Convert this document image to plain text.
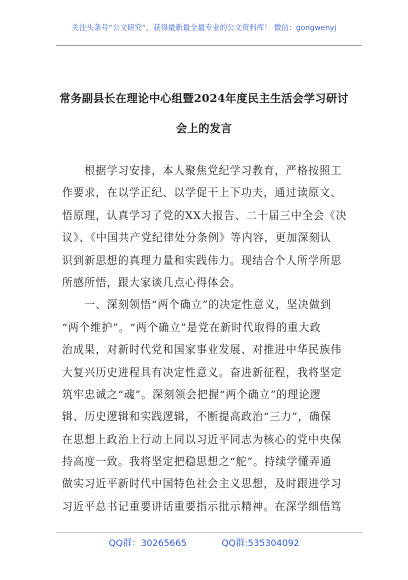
关注头条号“公文研究”，获得最新最全最专业的公文资料库！ 微信：gongwenyj
常务副县长在理论中心组暨2024年度民主生活会学习研讨
会上的发言
　　根据学习安排，本人聚焦党纪学习教育，严格按照工
作要求，在以学正纪、以学促干上下功夫，通过读原文、
悟原理，认真学习了党的XX大报告、二十届三中全会《决
议》、《中国共产党纪律处分条例》等内容，更加深刻认
识到新思想的真理力量和实践伟力。现结合个人所学所思
所感所悟，跟大家谈几点心得体会。
　　一、深刻领悟“两个确立”的决定性意义，坚决做到
“两个维护”。“两个确立”是党在新时代取得的重大政
治成果，对新时代党和国家事业发展、对推进中华民族伟
大复兴历史进程具有决定性意义。奋进新征程，我将坚定
筑牢忠诚之“魂”。深刻领会把握“两个确立”的理论逻
辑、历史逻辑和实践逻辑，不断提高政治“三力”，确保
在思想上政治上行动上同以习近平同志为核心的党中央保
持高度一致。我将坚定把稳思想之“舵”。持续学懂弄通
做实习近平新时代中国特色社会主义思想，及时跟进学习
习近平总书记重要讲话重要指示批示精神。在深学细悟笃
QQ群：30265665	QQ群:535304092
